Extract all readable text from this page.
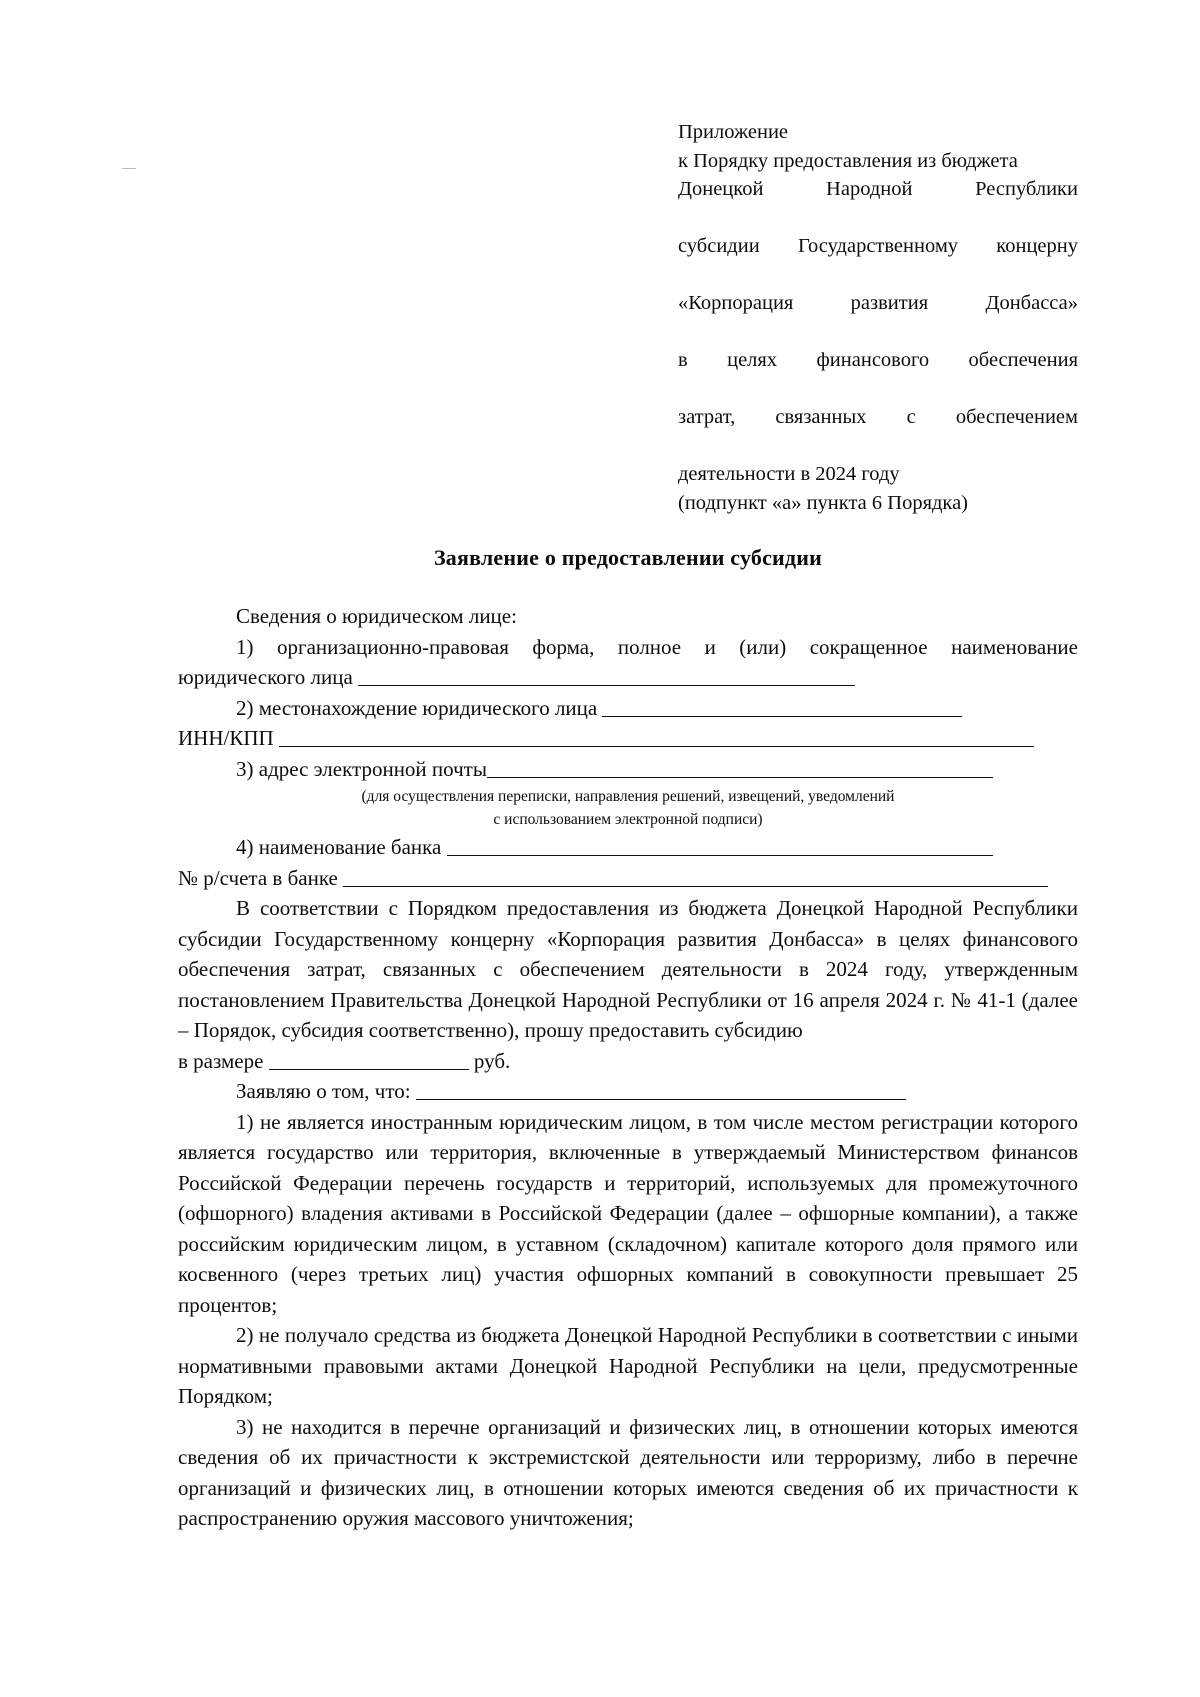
Приложение
к Порядку предоставления из бюджета
Донецкой Народной Республики
субсидии Государственному концерну
«Корпорация развития Донбасса»
в целях финансового обеспечения
затрат, связанных с обеспечением
деятельности в 2024 году
(подпункт «а» пункта 6 Порядка)
Заявление о предоставлении субсидии

Сведения о юридическом лице:

1) организационно-правовая форма, полное и (или) сокращенное наименование юридического лица

2) местонахождение юридического лица

ИНН/КПП

3) адрес электронной почты

(для осуществления переписки, направления решений, извещений, уведомлений
с использованием электронной подписи)

4) наименование банка

№ р/счета в банке

В соответствии с Порядком предоставления из бюджета Донецкой Народной Республики субсидии Государственному концерну «Корпорация развития Донбасса» в целях финансового обеспечения затрат, связанных с обеспечением деятельности в 2024 году, утвержденным постановлением Правительства Донецкой Народной Республики от 16 апреля 2024 г. № 41-1 (далее – Порядок, субсидия соответственно), прошу предоставить субсидию

в размере	руб.

Заявляю о том, что:

1) не является иностранным юридическим лицом, в том числе местом регистрации которого является государство или территория, включенные в утверждаемый Министерством финансов Российской Федерации перечень государств и территорий, используемых для промежуточного (офшорного) владения активами в Российской Федерации (далее – офшорные компании), а также российским юридическим лицом, в уставном (складочном) капитале которого доля прямого или косвенного (через третьих лиц) участия офшорных компаний в совокупности превышает 25 процентов;

2) не получало средства из бюджета Донецкой Народной Республики в соответствии с иными нормативными правовыми актами Донецкой Народной Республики на цели, предусмотренные Порядком;

3) не находится в перечне организаций и физических лиц, в отношении которых имеются сведения об их причастности к экстремистской деятельности или терроризму, либо в перечне организаций и физических лиц, в отношении которых имеются сведения об их причастности к распространению оружия массового уничтожения;
